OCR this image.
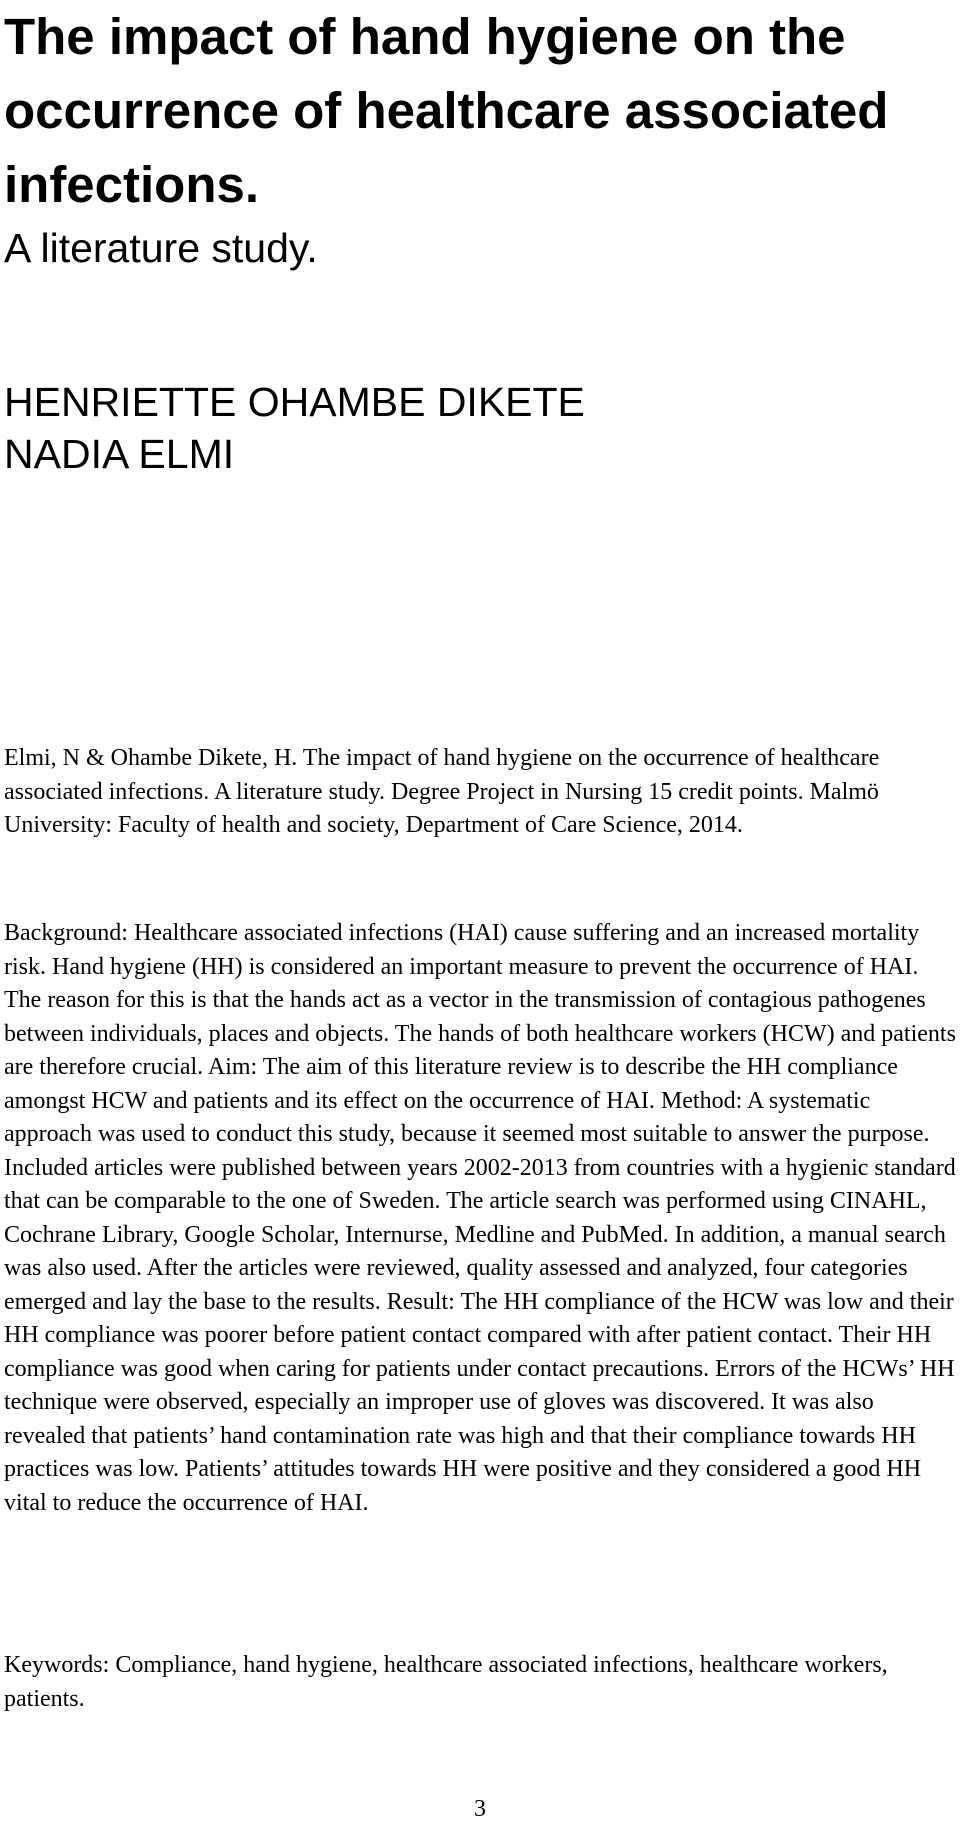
The impact of hand hygiene on the occurrence of healthcare associated infections.

A literature study.

HENRIETTE OHAMBE DIKETE
NADIA ELMI

Elmi, N & Ohambe Dikete, H. The impact of hand hygiene on the occurrence of healthcare associated infections. A literature study. Degree Project in Nursing 15 credit points. Malmö University: Faculty of health and society, Department of Care Science, 2014.

Background: Healthcare associated infections (HAI) cause suffering and an increased mortality risk. Hand hygiene (HH) is considered an important measure to prevent the occurrence of HAI. The reason for this is that the hands act as a vector in the transmission of contagious pathogenes between individuals, places and objects. The hands of both healthcare workers (HCW) and patients are therefore crucial. Aim: The aim of this literature review is to describe the HH compliance amongst HCW and patients and its effect on the occurrence of HAI. Method: A systematic approach was used to conduct this study, because it seemed most suitable to answer the purpose. Included articles were published between years 2002-2013 from countries with a hygienic standard that can be comparable to the one of Sweden. The article search was performed using CINAHL, Cochrane Library, Google Scholar, Internurse, Medline and PubMed. In addition, a manual search was also used. After the articles were reviewed, quality assessed and analyzed, four categories emerged and lay the base to the results. Result: The HH compliance of the HCW was low and their HH compliance was poorer before patient contact compared with after patient contact. Their HH compliance was good when caring for patients under contact precautions. Errors of the HCWs’ HH technique were observed, especially an improper use of gloves was discovered. It was also revealed that patients’ hand contamination rate was high and that their compliance towards HH practices was low. Patients’ attitudes towards HH were positive and they considered a good HH vital to reduce the occurrence of HAI.

Keywords: Compliance, hand hygiene, healthcare associated infections, healthcare workers, patients.

3
